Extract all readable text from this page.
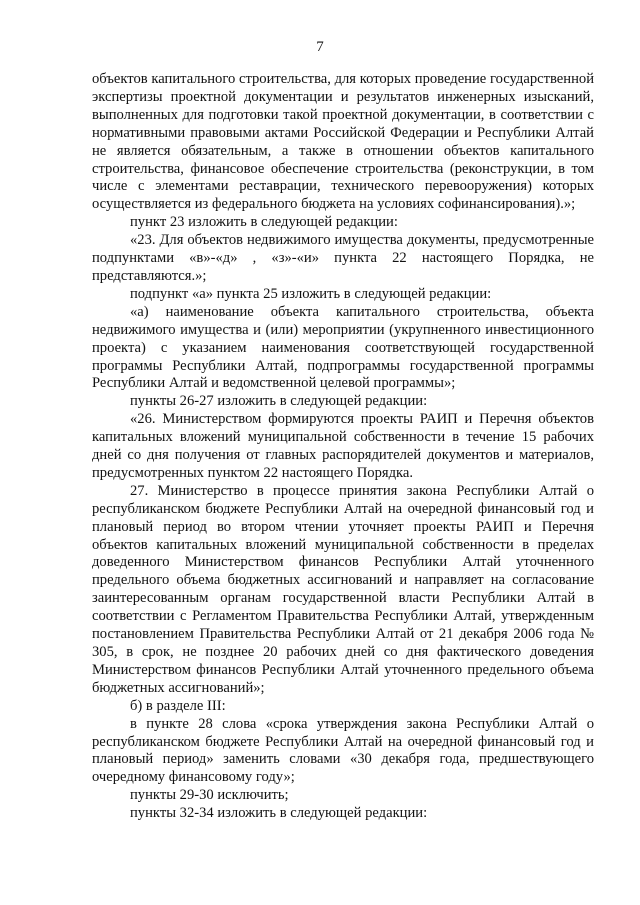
7

объектов капитального строительства, для которых проведение государственной экспертизы проектной документации и результатов инженерных изысканий, выполненных для подготовки такой проектной документации, в соответствии с нормативными правовыми актами Российской Федерации и Республики Алтай не является обязательным, а также в отношении объектов капитального строительства, финансовое обеспечение строительства (реконструкции, в том числе с элементами реставрации, технического перевооружения) которых осуществляется из федерального бюджета на условиях софинансирования).»;

пункт 23 изложить в следующей редакции:

«23. Для объектов недвижимого имущества документы, предусмотренные подпунктами «в»-«д» , «з»-«и» пункта 22 настоящего Порядка, не представляются.»;

подпункт «а» пункта 25 изложить в следующей редакции:

«а) наименование объекта капитального строительства, объекта недвижимого имущества и (или) мероприятии (укрупненного инвестиционного проекта) с указанием наименования соответствующей государственной программы Республики Алтай, подпрограммы государственной программы Республики Алтай и ведомственной целевой программы»;

пункты 26-27 изложить в следующей редакции:

«26. Министерством формируются проекты РАИП и Перечня объектов капитальных вложений муниципальной собственности в течение 15 рабочих дней со дня получения от главных распорядителей документов и материалов, предусмотренных пунктом 22 настоящего Порядка.

27. Министерство в процессе принятия закона Республики Алтай о республиканском бюджете Республики Алтай на очередной финансовый год и плановый период во втором чтении уточняет проекты РАИП и Перечня объектов капитальных вложений муниципальной собственности в пределах доведенного Министерством финансов Республики Алтай уточненного предельного объема бюджетных ассигнований и направляет на согласование заинтересованным органам государственной власти Республики Алтай в соответствии с Регламентом Правительства Республики Алтай, утвержденным постановлением Правительства Республики Алтай от 21 декабря 2006 года № 305, в срок, не позднее 20 рабочих дней со дня фактического доведения Министерством финансов Республики Алтай уточненного предельного объема бюджетных ассигнований»;

б) в разделе III:

в пункте 28 слова «срока утверждения закона Республики Алтай о республиканском бюджете Республики Алтай на очередной финансовый год и плановый период» заменить словами «30 декабря года, предшествующего очередному финансовому году»;

пункты 29-30 исключить;

пункты 32-34 изложить в следующей редакции:
